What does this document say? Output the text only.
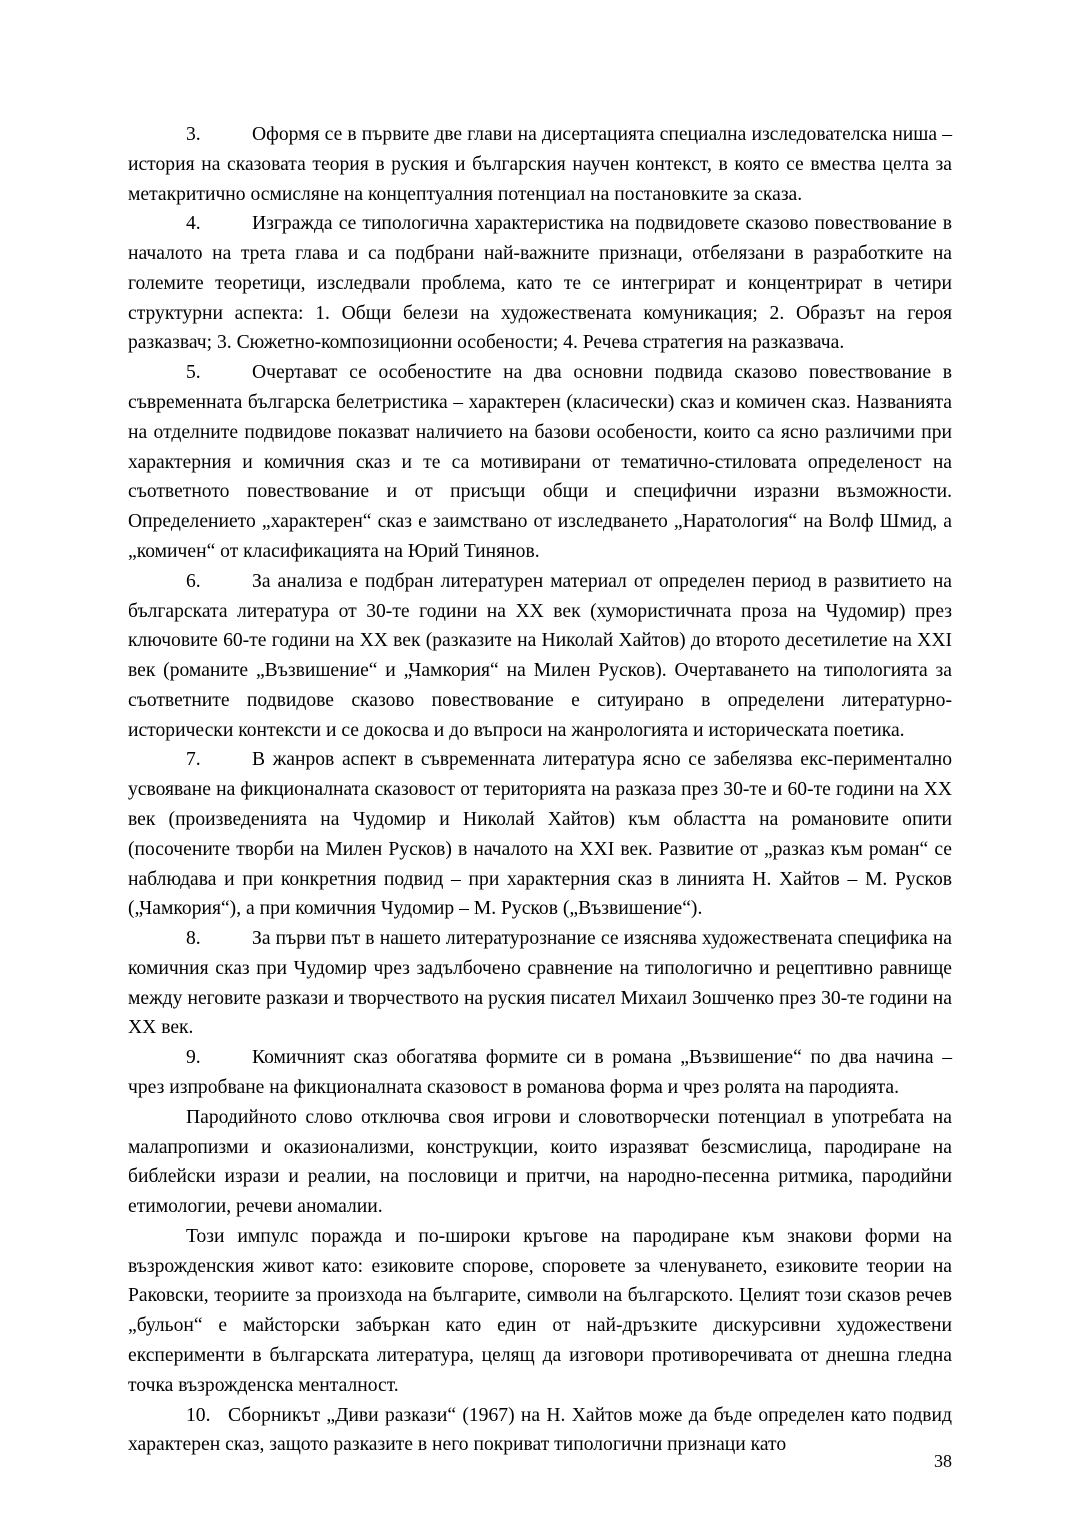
3.	Оформя се в първите две глави на дисертацията специална изследователска ниша – история на сказовата теория в руския и българския научен контекст, в която се вмества целта за метакритично осмисляне на концептуалния потенциал на постановките за сказа.

4.	Изгражда се типологична характеристика на подвидовете сказово повествование в началото на трета глава и са подбрани най-важните признаци, отбелязани в разработките на големите теоретици, изследвали проблема, като те се интегрират и концентрират в четири структурни аспекта: 1. Общи белези на художествената комуникация; 2. Образът на героя разказвач; 3. Сюжетно-композиционни особености; 4. Речева стратегия на разказвача.

5.	Очертават се особеностите на два основни подвида сказово повествование в съвременната българска белетристика – характерен (класически) сказ и комичен сказ. Названията на отделните подвидове показват наличието на базови особености, които са ясно различими при характерния и комичния сказ и те са мотивирани от тематично-стиловата определеност на съответното повествование и от присъщи общи и специфични изразни възможности. Определението „характерен“ сказ е заимствано от изследването „Наратология“ на Волф Шмид, а „комичен“ от класификацията на Юрий Тинянов.

6.	За анализа е подбран литературен материал от определен период в развитието на българската литература от 30-те години на XX век (хумористичната проза на Чудомир) през ключовите 60-те години на XX век (разказите на Николай Хайтов) до второто десетилетие на XXI век (романите „Възвишение“ и „Чамкория“ на Милен Русков). Очертаването на типологията за съответните подвидове сказово повествование е ситуирано в определени литературно-исторически контексти и се докосва и до въпроси на жанрологията и историческата поетика.

7.	В жанров аспект в съвременната литература ясно се забелязва екс-периментално усвояване на фикционалната сказовост от територията на разказа през 30-те и 60-те години на XX век (произведенията на Чудомир и Николай Хайтов) към областта на романовите опити (посочените творби на Милен Русков) в началото на XXI век. Развитие от „разказ към роман“ се наблюдава и при конкретния подвид – при характерния сказ в линията Н. Хайтов – М. Русков („Чамкория“), а при комичния Чудомир – М. Русков („Възвишение“).

8.	За първи път в нашето литературознание се изяснява художествената специфика на комичния сказ при Чудомир чрез задълбочено сравнение на типологично и рецептивно равнище между неговите разкази и творчеството на руския писател Михаил Зошченко през 30-те години на XX век.

9.	Комичният сказ обогатява формите си в романа „Възвишение“ по два начина – чрез изпробване на фикционалната сказовост в романова форма и чрез ролята на пародията.

Пародийното слово отключва своя игрови и словотворчески потенциал в употребата на малапропизми и оказионализми, конструкции, които изразяват безсмислица, пародиране на библейски изрази и реалии, на пословици и притчи, на народно-песенна ритмика, пародийни етимологии, речеви аномалии.

Този импулс поражда и по-широки кръгове на пародиране към знакови форми на възрожденския живот като: езиковите спорове, споровете за членуването, езиковите теории на Раковски, теориите за произхода на българите, символи на българското. Целият този сказов речев „бульон“ е майсторски забъркан като един от най-дръзките дискурсивни художествени експерименти в българската литература, целящ да изговори противоречивата от днешна гледна точка възрожденска менталност.

10. Сборникът „Диви разкази“ (1967) на Н. Хайтов може да бъде определен като подвид характерен сказ, защото разказите в него покриват типологични признаци като

38
